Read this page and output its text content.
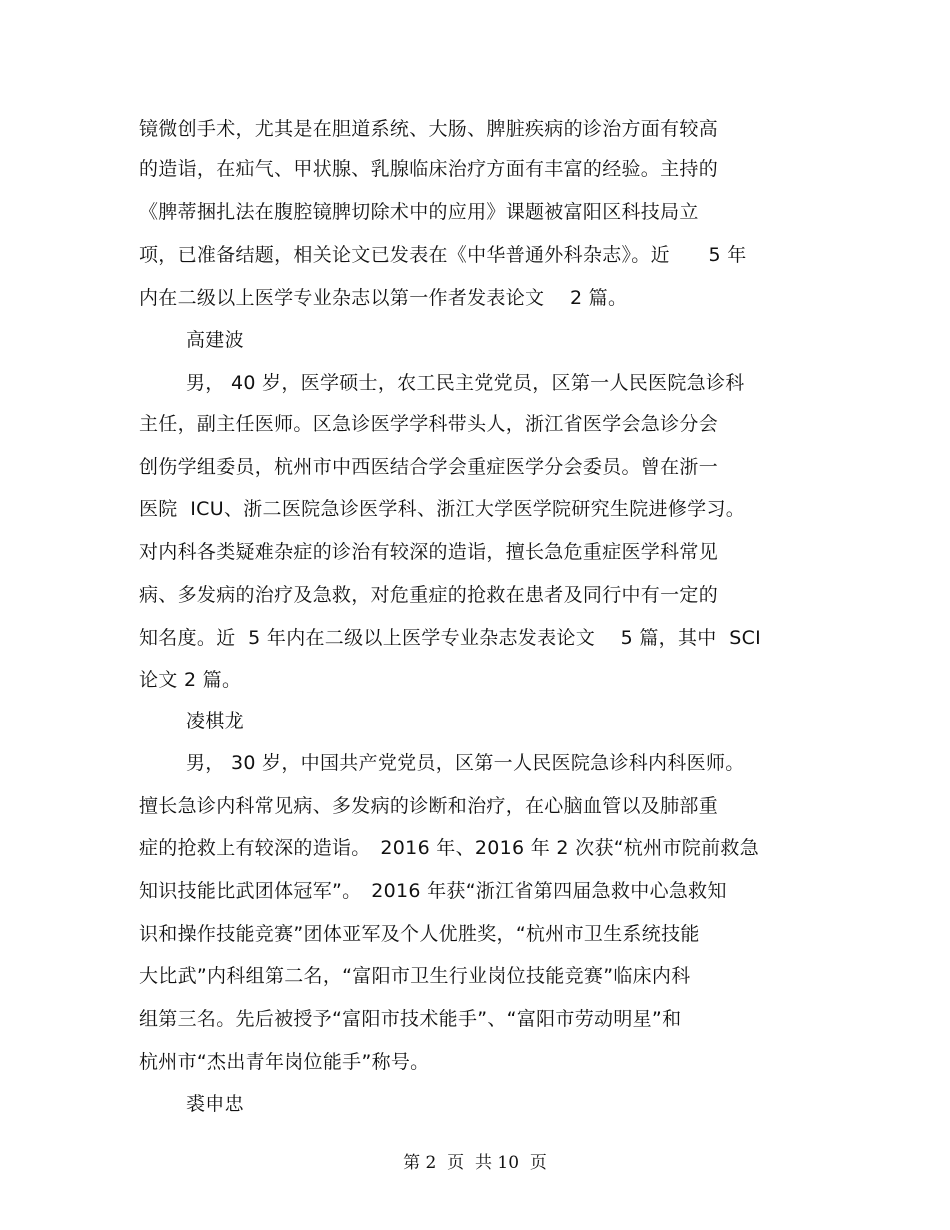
镜微创手术，尤其是在胆道系统、大肠、脾脏疾病的诊治方面有较高
的造诣，在疝气、甲状腺、乳腺临床治疗方面有丰富的经验。主持的
《脾蒂捆扎法在腹腔镜脾切除术中的应用》课题被富阳区科技局立
项，已准备结题，相关论文已发表在《中华普通外科杂志》。近　　5 年
内在二级以上医学专业杂志以第一作者发表论文　 2 篇。
高建波
男， 40 岁，医学硕士，农工民主党党员，区第一人民医院急诊科
主任，副主任医师。区急诊医学学科带头人，浙江省医学会急诊分会
创伤学组委员，杭州市中西医结合学会重症医学分会委员。曾在浙一
医院  ICU、浙二医院急诊医学科、浙江大学医学院研究生院进修学习。
对内科各类疑难杂症的诊治有较深的造诣，擅长急危重症医学科常见
病、多发病的治疗及急救，对危重症的抢救在患者及同行中有一定的
知名度。近  5 年内在二级以上医学专业杂志发表论文　 5 篇，其中  SCI
论文 2 篇。
凌棋龙
男， 30 岁，中国共产党党员，区第一人民医院急诊科内科医师。
擅长急诊内科常见病、多发病的诊断和治疗，在心脑血管以及肺部重
症的抢救上有较深的造诣。　2016 年、2016 年 2 次获“杭州市院前救急
知识技能比武团体冠军”。　2016 年获“浙江省第四届急救中心急救知
识和操作技能竞赛”团体亚军及个人优胜奖，“杭州市卫生系统技能
大比武”内科组第二名，“富阳市卫生行业岗位技能竞赛”临床内科
组第三名。先后被授予“富阳市技术能手”、“富阳市劳动明星”和
杭州市“杰出青年岗位能手”称号。
裘申忠
第 2  页  共 10  页
